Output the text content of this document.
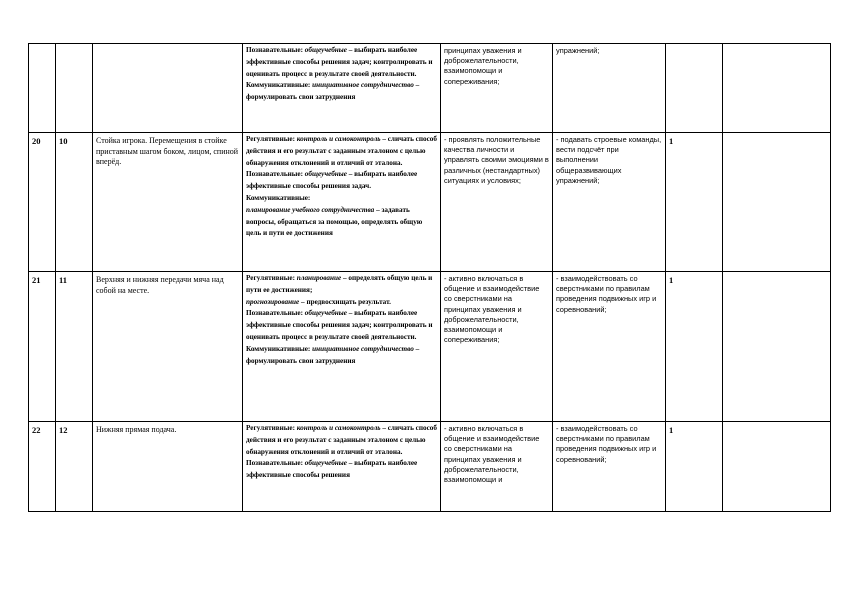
			Познавательные: общеучебные – выбирать наиболее эффективные способы решения задач; контролировать и оценивать процесс в результате своей деятельности.

Коммуникативные: инициативное сотрудничество – формулировать свои затруднения	принципах уважения и доброжелательности, взаимопомощи и сопереживания;	упражнений;		

20	10	Стойка игрока. Перемещения в стойке приставным шагом боком, лицом, спиной вперёд.	Регулятивные: контроль и самоконтроль – сличать способ действия и его результат с заданным эталоном с целью обнаружения отклонений и отличий от эталона.

Познавательные: общеучебные – выбирать наиболее эффективные способы решения задач. Коммуникативные:

планирование учебного сотрудничества – задавать вопросы, обращаться за помощью, определять общую цель и пути ее достижения	- проявлять положительные качества личности и управлять своими эмоциями в различных (нестандартных) ситуациях и условиях;	- подавать строевые команды, вести подсчёт при выполнении общеразвивающих упражнений;	1	

21	11	Верхняя и нижняя передачи мяча над собой на месте.	Регулятивные: планирование – определять общую цель и пути ее достижения;

прогнозирование – предвосхищать результат.

Познавательные: общеучебные – выбирать наиболее эффективные способы решения задач; контролировать и оценивать процесс в результате своей деятельности.

Коммуникативные: инициативное сотрудничество – формулировать свои затруднения	- активно включаться в общение и взаимодействие со сверстниками на принципах уважения и доброжелательности, взаимопомощи и сопереживания;	- взаимодействовать со сверстниками по правилам проведения подвижных игр и соревнований;	1	

22	12	Нижняя прямая подача.	Регулятивные: контроль и самоконтроль – сличать способ действия и его результат с заданным эталоном с целью обнаружения отклонений и отличий от эталона.

Познавательные: общеучебные – выбирать наиболее эффективные способы решения	- активно включаться в общение и взаимодействие со сверстниками на принципах уважения и доброжелательности, взаимопомощи и	- взаимодействовать со сверстниками по правилам проведения подвижных игр и соревнований;	1	
